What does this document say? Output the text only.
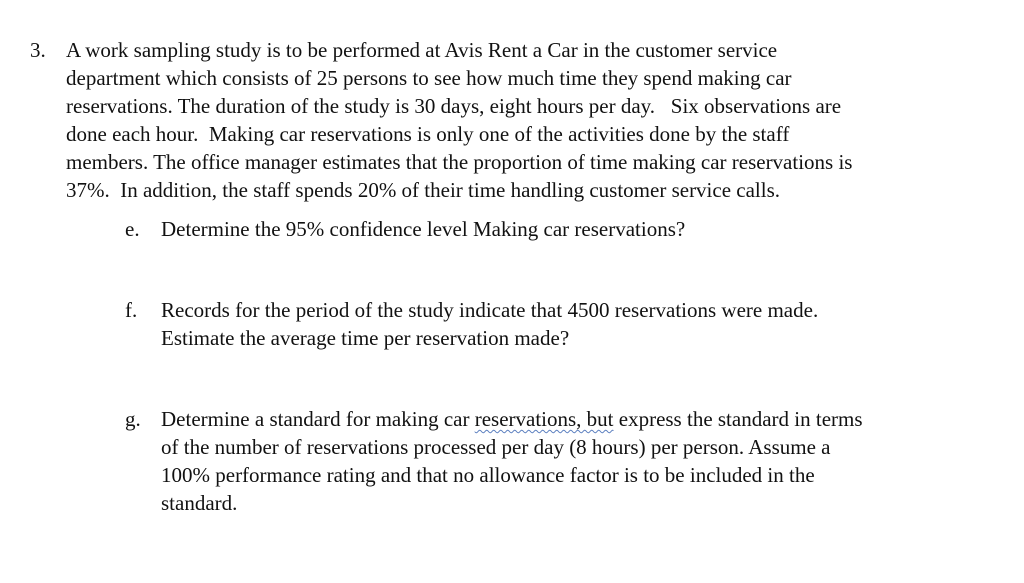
3. A work sampling study is to be performed at Avis Rent a Car in the customer service
department which consists of 25 persons to see how much time they spend making car
reservations. The duration of the study is 30 days, eight hours per day.   Six observations are
done each hour.  Making car reservations is only one of the activities done by the staff
members. The office manager estimates that the proportion of time making car reservations is
37%.  In addition, the staff spends 20% of their time handling customer service calls.
e. Determine the 95% confidence level Making car reservations?
f. Records for the period of the study indicate that 4500 reservations were made.
Estimate the average time per reservation made?
g. Determine a standard for making car reservations, but express the standard in terms
of the number of reservations processed per day (8 hours) per person. Assume a
100% performance rating and that no allowance factor is to be included in the
standard.
